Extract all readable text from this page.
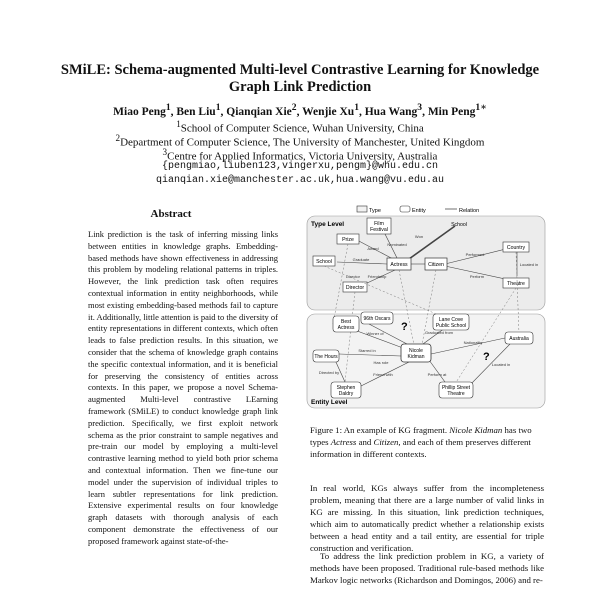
SMiLE: Schema-augmented Multi-level Contrastive Learning for Knowledge Graph Link Prediction
Miao Peng$^1$, Ben Liu$^1$, Qianqian Xie$^2$, Wenjie Xu$^1$, Hua Wang$^3$, Min Peng$^{1∗}$
$^1$School of Computer Science, Wuhan University, China
$^2$Department of Computer Science, The University of Manchester, United Kingdom
$^3$Centre for Applied Informatics, Victoria University, Australia
{pengmiao,liuben123,vingerxu,pengm}@whu.edu.cn
qianqian.xie@manchester.ac.uk,hua.wang@vu.edu.au
Abstract

Link prediction is the task of inferring missing links between entities in knowledge graphs. Embedding-based methods have shown effectiveness in addressing this problem by modeling relational patterns in triples. However, the link prediction task often requires contextual information in entity neighborhoods, while most existing embedding-based methods fail to capture it. Additionally, little attention is paid to the diversity of entity representations in different contexts, which often leads to false prediction results. In this situation, we consider that the schema of knowledge graph contains the specific contextual information, and it is beneficial for preserving the consistency of entities across contexts. In this paper, we propose a novel Schema-augmented Multi-level contrastive LEarning framework (SMiLE) to conduct knowledge graph link prediction. Specifically, we first exploit network schema as the prior constraint to sample negatives and pre-train our model by employing a multi-level contrastive learning method to yield both prior schema and contextual information. Then we fine-tune our model under the supervision of individual triples to learn subtler representations for link prediction. Extensive experimental results on four knowledge graph datasets with thorough analysis of each component demonstrate the effectiveness of our proposed framework against state-of-the-

Type	Entity	Relation
Type Level
Entity Level
Prize
Film
Festival
School	Actress	Citizen
Country
Director
Theatre
School
Award
Nominated
Graduate
Won
Performed
Located in
Friendship
Director	Perform
Best
Actress
96th Oscars	Lane Cove
Public School
Australia
The Hours
Nicole
Kidman
Stephen
Daldry
Phillip Street
Theatre
Winner of
Starred in
Directed by
Graduated from
Friend with
Has role
Nationality
Perform at
Located in
?
?

Figure 1: An example of KG fragment. Nicole Kidman has two types Actress and Citizen, and each of them preserves different information in different contexts.

In real world, KGs always suffer from the incompleteness problem, meaning that there are a large number of valid links in KG are missing. In this situation, link prediction techniques, which aim to automatically predict whether a relationship exists between a head entity and a tail entity, are essential for triple construction and verification.

To address the link prediction problem in KG, a variety of methods have been proposed. Traditional rule-based methods like Markov logic networks (Richardson and Domingos, 2006) and re-
